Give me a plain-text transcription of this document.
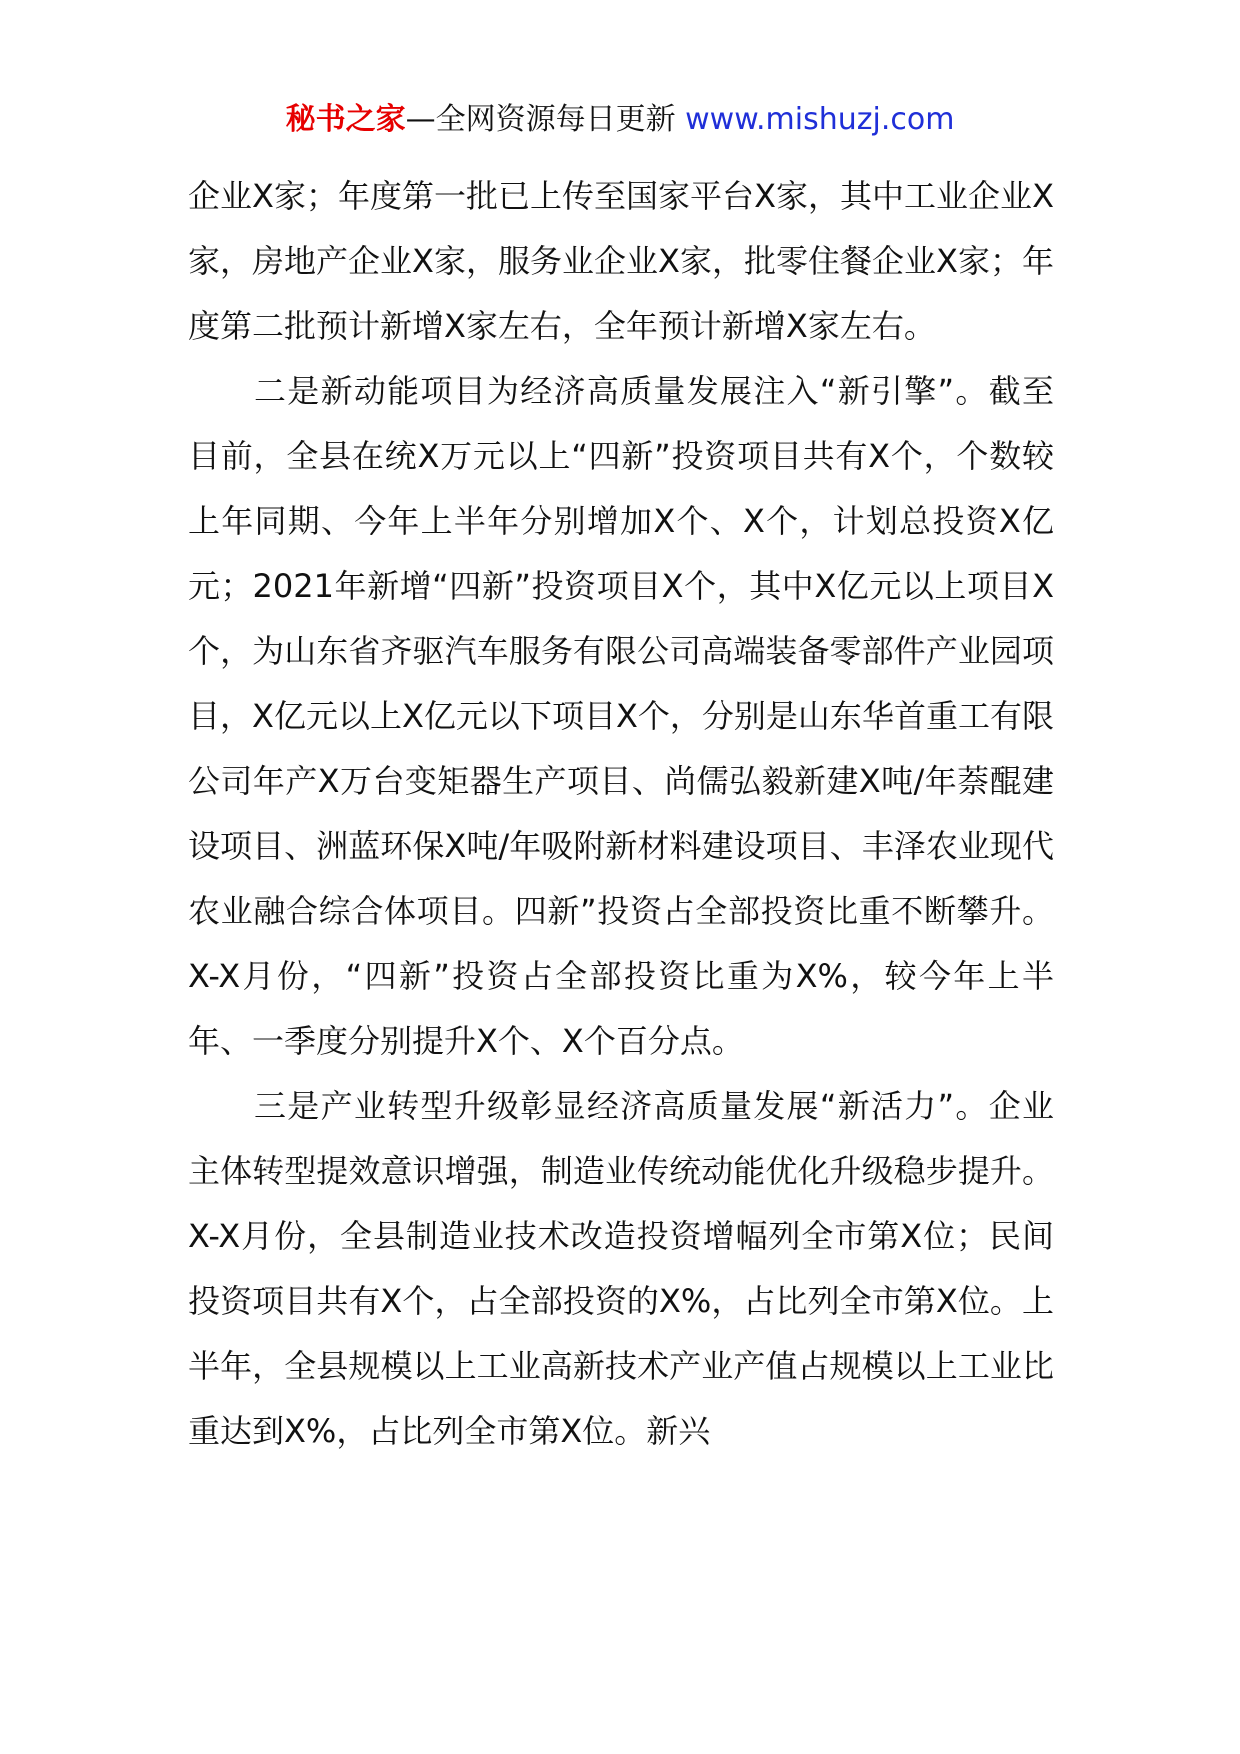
秘书之家—全网资源每日更新 www.mishuzj.com

企业X家；年度第一批已上传至国家平台X家，其中工业企业X家，房地产企业X家，服务业企业X家，批零住餐企业X家；年度第二批预计新增X家左右，全年预计新增X家左右。

二是新动能项目为经济高质量发展注入“新引擎”。截至目前，全县在统X万元以上“四新”投资项目共有X个，个数较上年同期、今年上半年分别增加X个、X个，计划总投资X亿元；2021年新增“四新”投资项目X个，其中X亿元以上项目X个，为山东省齐驱汽车服务有限公司高端装备零部件产业园项目，X亿元以上X亿元以下项目X个，分别是山东华首重工有限公司年产X万台变矩器生产项目、尚儒弘毅新建X吨/年萘醌建设项目、洲蓝环保X吨/年吸附新材料建设项目、丰泽农业现代农业融合综合体项目。四新”投资占全部投资比重不断攀升。X-X月份，“四新”投资占全部投资比重为X%，较今年上半年、一季度分别提升X个、X个百分点。

三是产业转型升级彰显经济高质量发展“新活力”。企业主体转型提效意识增强，制造业传统动能优化升级稳步提升。X-X月份，全县制造业技术改造投资增幅列全市第X位；民间投资项目共有X个，占全部投资的X%，占比列全市第X位。上半年，全县规模以上工业高新技术产业产值占规模以上工业比重达到X%，占比列全市第X位。新兴
